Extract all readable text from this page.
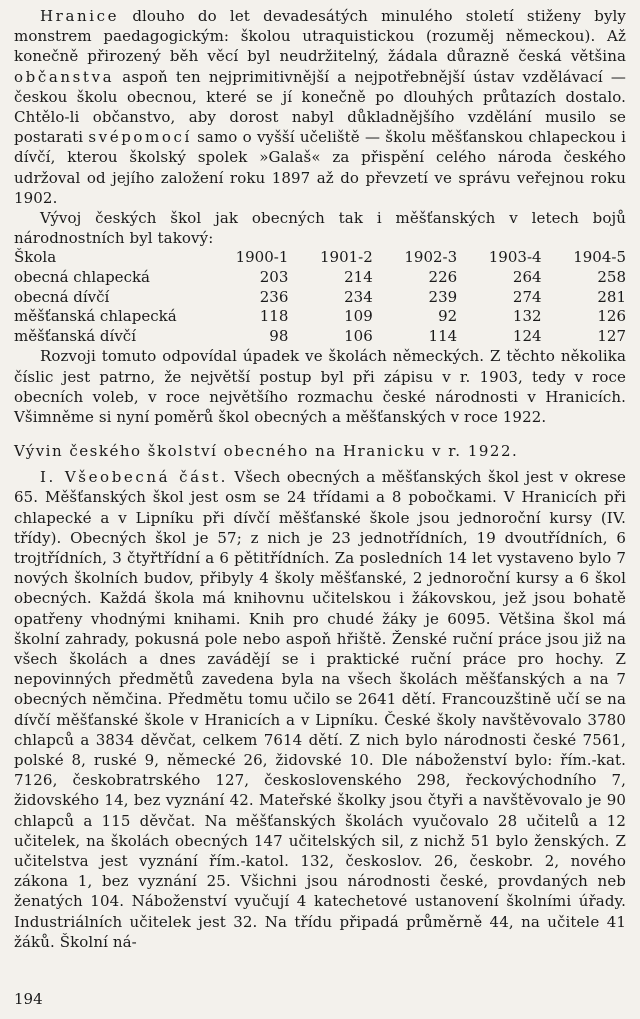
Hranice dlouho do let devadesátých minulého století stiženy byly monstrem paedagogickým: školou utraquistickou (rozuměj německou). Až konečně přirozený běh věcí byl neudržitelný, žádala důrazně česká většina občanstva aspoň ten nejprimitivnější a nejpotřebnější ústav vzdělávací — českou školu obecnou, které se jí konečně po dlouhých průtazích dostalo. Chtělo-li občanstvo, aby dorost nabyl důkladnějšího vzdělání musilo se postarati svépomocí samo o vyšší učeliště — školu měšťanskou chlapeckou i dívčí, kterou školský spolek »Galaš« za přispění celého národa českého udržoval od jejího založení roku 1897 až do převzetí ve správu veřejnou roku 1902.

Vývoj českých škol jak obecných tak i měšťanských v letech bojů národnostních byl takový:

Škola	1900-1	1901-2	1902-3	1903-4	1904-5
obecná chlapecká	203	214	226	264	258
obecná dívčí	236	234	239	274	281
měšťanská chlapecká	118	109	92	132	126
měšťanská dívčí	98	106	114	124	127

Rozvoji tomuto odpovídal úpadek ve školách německých. Z těchto několika číslic jest patrno, že největší postup byl při zápisu v r. 1903, tedy v roce obecních voleb, v roce největšího rozmachu české národnosti v Hranicích. Všimněme si nyní poměrů škol obecných a měšťanských v roce 1922.

Vývin českého školství obecného na Hranicku v r. 1922.

I. Všeobecná část. Všech obecných a měšťanských škol jest v okrese 65. Měšťanských škol jest osm se 24 třídami a 8 pobočkami. V Hranicích při chlapecké a v Lipníku při dívčí měšťanské škole jsou jednoroční kursy (IV. třídy). Obecných škol je 57; z nich je 23 jednotřídních, 19 dvoutřídních, 6 trojtřídních, 3 čtyřtřídní a 6 pětitřídních. Za posledních 14 let vystaveno bylo 7 nových školních budov, přibyly 4 školy měšťanské, 2 jednoroční kursy a 6 škol obecných. Každá škola má knihovnu učitelskou i žákovskou, jež jsou bohatě opatřeny vhodnými knihami. Knih pro chudé žáky je 6095. Většina škol má školní zahrady, pokusná pole nebo aspoň hřiště. Ženské ruční práce jsou již na všech školách a dnes zavádějí se i praktické ruční práce pro hochy. Z nepovinných předmětů zavedena byla na všech školách měšťanských a na 7 obecných němčina. Předmětu tomu učilo se 2641 dětí. Francouzštině učí se na dívčí měšťanské škole v Hranicích a v Lipníku. České školy navštěvovalo 3780 chlapců a 3834 děvčat, celkem 7614 dětí. Z nich bylo národnosti české 7561, polské 8, ruské 9, německé 26, židovské 10. Dle náboženství bylo: řím.-kat. 7126, českobratrského 127, československého 298, řeckovýchodního 7, židovského 14, bez vyznání 42. Mateřské školky jsou čtyři a navštěvovalo je 90 chlapců a 115 děvčat. Na měšťanských školách vyučovalo 28 učitelů a 12 učitelek, na školách obecných 147 učitelských sil, z nichž 51 bylo ženských. Z učitelstva jest vyznání řím.-katol. 132, českoslov. 26, českobr. 2, nového zákona 1, bez vyznání 25. Všichni jsou národnosti české, provdaných neb ženatých 104. Náboženství vyučují 4 katechetové ustanovení školními úřady. Industriálních učitelek jest 32. Na třídu připadá průměrně 44, na učitele 41 žáků. Školní ná-

194
